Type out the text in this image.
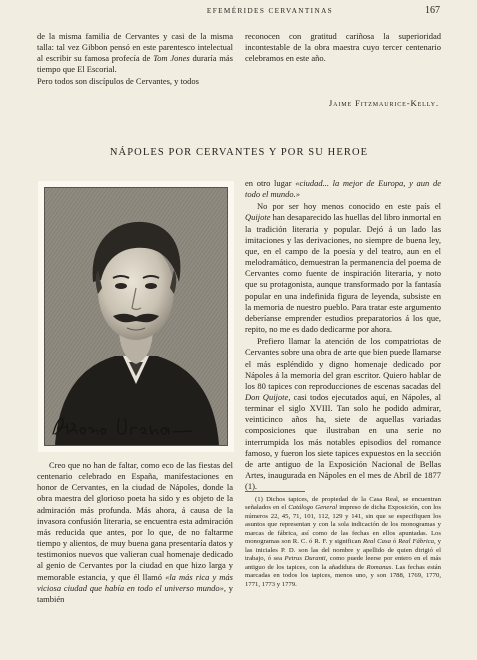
EFEMÉRIDES CERVANTINAS	167

de la misma familia de Cervantes y casi de la misma talla: tal vez Gibbon pensó en este parentesco intelectual al escribir su famosa profecía de Tom Jones duraría más tiempo que El Escorial.

Pero todos son discípulos de Cervantes, y todos

reconocen con gratitud cariñosa la superioridad incontestable de la obra maestra cuyo tercer centenario celebramos en este año.

Jaime Fitzmaurice-Kelly.
NÁPOLES POR CERVANTES Y POR SU HEROE

Creo que no han de faltar, como eco de las fiestas del centenario celebrado en España, manifestaciones en honor de Cervantes, en la ciudad de Nápoles, donde la obra maestra del glorioso poeta ha sido y es objeto de la admiración más profunda. Más ahora, á causa de la invasora confusión literaria, se encuentra esta admiración más reducida que antes, por lo que, de no faltarme tiempo y alientos, de muy buena gana presentaría datos y testimonios nuevos que valieran cual homenaje dedicado al genio de Cervantes por la ciudad en que hizo larga y memorable estancia, y que él llamó «la más rica y más viciosa ciudad que había en todo el universo mundo», y también

en otro lugar «ciudad... la mejor de Europa, y aun de todo el mundo.»

No por ser hoy menos conocido en este país el Quijote han desaparecido las huellas del libro inmortal en la tradición literaria y popular. Dejó á un lado las imitaciones y las derivaciones, no siempre de buena ley, que, en el campo de la poesía y del teatro, aun en el melodramático, demuestran la permanencia del poema de Cervantes como fuente de inspiración literaria, y noto que su protagonista, aunque transformado por la fantasía popular en una indefinida figura de leyenda, subsiste en la memoria de nuestro pueblo. Para tratar este argumento deberíanse emprender estudios preparatorios á los que, repito, no me es dado dedicarme por ahora.

Prefiero llamar la atención de los compatriotas de Cervantes sobre una obra de arte que bien puede llamarse el más espléndido y digno homenaje dedicado por Nápoles á la memoria del gran escritor. Quiero hablar de los 80 tapices con reproducciones de escenas sacadas del Don Quijote, casi todos ejecutados aquí, en Nápoles, al terminar el siglo XVIII. Tan solo he podido admirar, veinticinco años ha, siete de aquellas variadas composiciones que ilustraban en una serie no interrumpida los más notables episodios del romance famoso, y fueron los siete tapices expuestos en la sección de arte antiguo de la Exposición Nacional de Bellas Artes, inaugurada en Nápoles en el mes de Abril de 1877 (1).

(1) Dichos tapices, de propiedad de la Casa Real, se encuentran señalados en el Catálogo General impreso de dicha Exposición, con los números 22, 45, 71, 101, 112, 129 y 141, sin que se especifiquen los asuntos que representan y con la sola indicación de los monogramas y marcas de fábrica, así como de las fechas en ellos apuntadas. Los monogramas son R. C. ó R. F. y significan Real Casa ó Real Fábrica, y las iniciales P. D. son las del nombre y apellido de quien dirigió el trabajo, ó sea Petrus Duranti, como puede leerse por entero en el más antiguo de los tapices, con la añadidura de Romanus. Las fechas están marcadas en todos los tapices, menos uno, y son 1788, 1769, 1770, 1771, 1773 y 1779.
